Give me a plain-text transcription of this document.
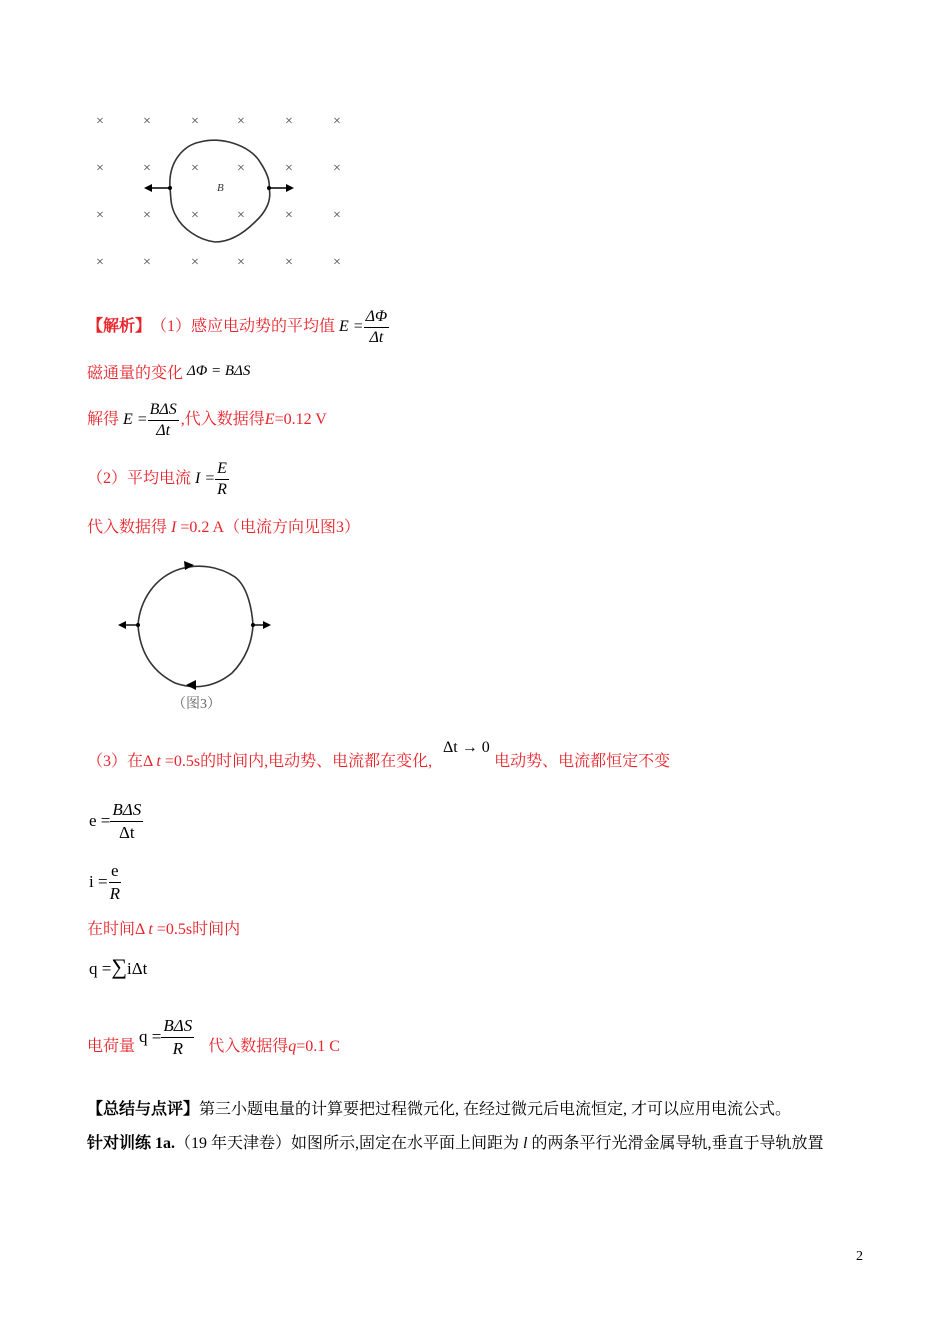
×	×	×	×	×	×
×	×	×	×	×	×
×	×	×	×	×	×
×	×	×	×	×	×
B
【解析】 （1）感应电动势的平均值 $E = \frac{\Delta\Phi}{\Delta t}$
磁通量的变化 ΔΦ = BΔS
解得 $E = \frac{\text{BΔS}}{\Delta t}$ ,代入数据得 E =0.12 V
（2）平均电流 $I = \frac{E}{R}$
代入数据得 I =0.2 A（电流方向见图3）
（图3）
Δt → 0
（3）在Δ t =0.5s的时间内,电动势、电流都在变化,	电动势、电流都恒定不变
$e = \frac{\text{BΔS}}{\Delta t}$
$i = \frac{e}{R}$
在时间Δ t =0.5s时间内
q =∑iΔt
电荷量
$q = \frac{\text{BΔS}}{R}$ 代入数据得 q =0.1 C
【总结与点评】第三小题电量的计算要把过程微元化, 在经过微元后电流恒定, 才可以应用电流公式。
针对训练 1a.（19 年天津卷）如图所示,固定在水平面上间距为 l 的两条平行光滑金属导轨,垂直于导轨放置
2
